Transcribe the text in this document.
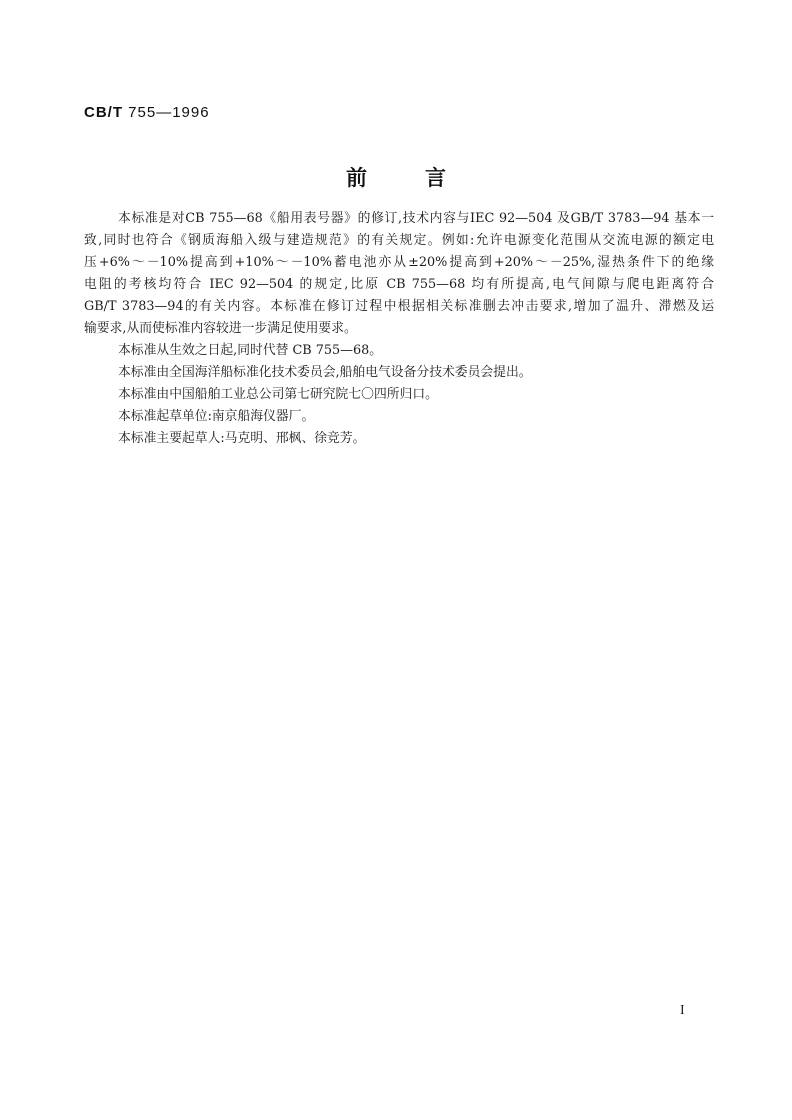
CB/T 755—1996
前	言
本标准是对CB 755—68《船用表号器》的修订,技术内容与IEC 92—504 及GB/T 3783—94 基本一
致,同时也符合《钢质海船入级与建造规范》的有关规定。例如:允许电源变化范围从交流电源的额定电
压+6%～－10%提高到+10%～－10%蓄电池亦从±20%提高到+20%～－25%,湿热条件下的绝缘
电阻的考核均符合 IEC 92—504 的规定,比原 CB 755—68 均有所提高,电气间隙与爬电距离符合
GB/T 3783—94的有关内容。本标准在修订过程中根据相关标准删去冲击要求,增加了温升、滞燃及运
输要求,从而使标准内容较进一步满足使用要求。
本标准从生效之日起,同时代替 CB 755—68。
本标准由全国海洋船标准化技术委员会,船舶电气设备分技术委员会提出。
本标准由中国船舶工业总公司第七研究院七〇四所归口。
本标准起草单位:南京船海仪器厂。
本标准主要起草人:马克明、邢枫、徐竞芳。
I
